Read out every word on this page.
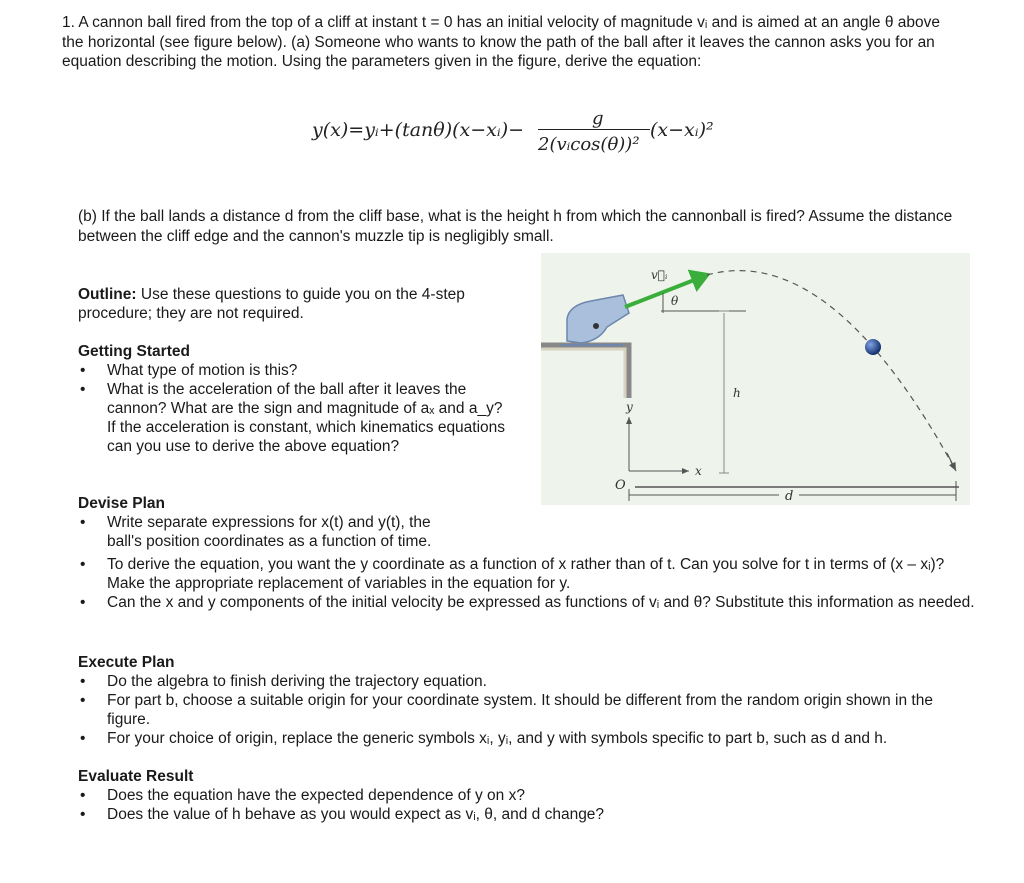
1. A cannon ball fired from the top of a cliff at instant t = 0 has an initial velocity of magnitude vᵢ and is aimed at an angle θ above the horizontal (see figure below). (a) Someone who wants to know the path of the ball after it leaves the cannon asks you for an equation describing the motion. Using the parameters given in the figure, derive the equation:

y(x)=yᵢ+(tanθ)(x−xᵢ)−
g
2(vᵢcos(θ))²
(x−xᵢ)²

(b) If the ball lands a distance d from the cliff base, what is the height h from which the cannonball is fired? Assume the distance between the cliff edge and the cannon's muzzle tip is negligibly small.

Outline: Use these questions to guide you on the 4-step procedure; they are not required.

Getting Started
• What type of motion is this?
• What is the acceleration of the ball after it leaves the cannon? What are the sign and magnitude of aₓ and a_y? If the acceleration is constant, which kinematics equations can you use to derive the above equation?
Devise Plan
• Write separate expressions for x(t) and y(t), the ball's position coordinates as a function of time.
• To derive the equation, you want the y coordinate as a function of x rather than of t. Can you solve for t in terms of (x – xᵢ)? Make the appropriate replacement of variables in the equation for y.
• Can the x and y components of the initial velocity be expressed as functions of vᵢ and θ? Substitute this information as needed.
Execute Plan
• Do the algebra to finish deriving the trajectory equation.
• For part b, choose a suitable origin for your coordinate system. It should be different from the random origin shown in the figure.
• For your choice of origin, replace the generic symbols xᵢ, yᵢ, and y with symbols specific to part b, such as d and h.
Evaluate Result
• Does the equation have the expected dependence of y on x?
• Does the value of h behave as you would expect as vᵢ, θ, and d change?
θ
v⃗ᵢ
h
y
x
O
d
